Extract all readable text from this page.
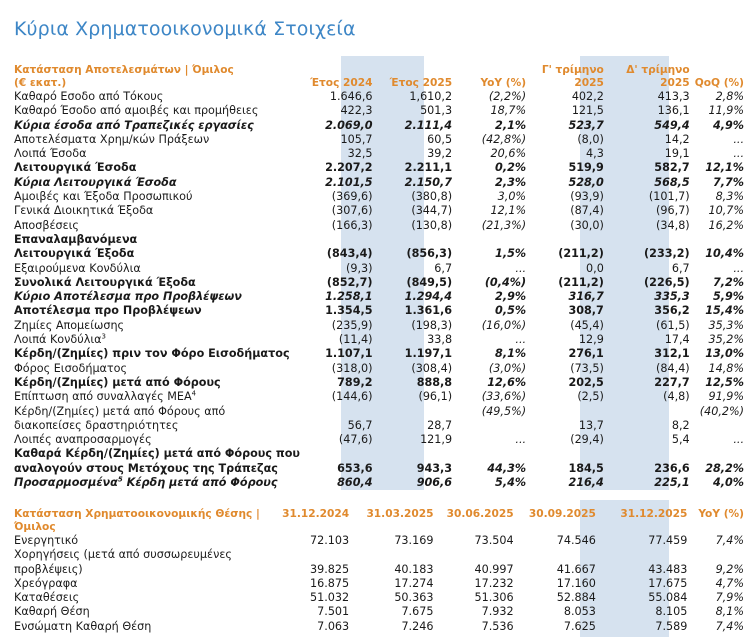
Κύρια Χρηματοοικονομικά Στοιχεία
Κατάσταση Αποτελεσμάτων | Όμιλος				Γ' τρίμηνο	Δ' τρίμηνο	

(€ εκατ.)	Έτος 2024	Έτος 2025	YoY (%)	2025	2025	QoQ (%)
Καθαρό Εσοδο από Τόκους	1.646,6	1,610,2	(2,2%)	402,2	413,3	2,8%
Καθαρό Έσοδο από αμοιβές και προμήθειες	422,3	501,3	18,7%	121,5	136,1	11,9%
Κύρια έσοδα από Τραπεζικές εργασίες	2.069,0	2.111,4	2,1%	523,7	549,4	4,9%
Αποτελέσματα Χρημ/κών Πράξεων	105,7	60,5	(42,8%)	(8,0)	14,2	...
Λοιπά Έσοδα	32,5	39,2	20,6%	4,3	19,1	...
Λειτουργικά Έσοδα	2.207,2	2.211,1	0,2%	519,9	582,7	12,1%
Κύρια Λειτουργικά Έσοδα	2.101,5	2.150,7	2,3%	528,0	568,5	7,7%
Αμοιβές και Έξοδα Προσωπικού	(369,6)	(380,8)	3,0%	(93,9)	(101,7)	8,3%
Γενικά Διοικητικά Έξοδα	(307,6)	(344,7)	12,1%	(87,4)	(96,7)	10,7%
Αποσβέσεις	(166,3)	(130,8)	(21,3%)	(30,0)	(34,8)	16,2%
Επαναλαμβανόμενα						
Λειτουργικά Έξοδα	(843,4)	(856,3)	1,5%	(211,2)	(233,2)	10,4%
Εξαιρούμενα Κονδύλια	(9,3)	6,7	...	0,0	6,7	...
Συνολικά Λειτουργικά Έξοδα	(852,7)	(849,5)	(0,4%)	(211,2)	(226,5)	7,2%
Κύριο Αποτέλεσμα προ Προβλέψεων	1.258,1	1.294,4	2,9%	316,7	335,3	5,9%
Αποτέλεσμα προ Προβλέψεων	1.354,5	1.361,6	0,5%	308,7	356,2	15,4%
Ζημίες Απομείωσης	(235,9)	(198,3)	(16,0%)	(45,4)	(61,5)	35,3%
Λοιπά Κονδύλια$^3$	(11,4)	33,8	...	12,9	17,4	35,2%
Κέρδη/(Ζημίες) πριν τον Φόρο Εισοδήματος	1.107,1	1.197,1	8,1%	276,1	312,1	13,0%
Φόρος Εισοδήματος	(318,0)	(308,4)	(3,0%)	(73,5)	(84,4)	14,8%
Κέρδη/(Ζημίες) μετά από Φόρους	789,2	888,8	12,6%	202,5	227,7	12,5%
Επίπτωση από συναλλαγές ΜΕΑ$^4$	(144,6)	(96,1)	(33,6%)	(2,5)	(4,8)	91,9%
Κέρδη/(Ζημίες) μετά από Φόρους από			(49,5%)			(40,2%)
διακοπείσες δραστηριότητες	56,7	28,7		13,7	8,2	
Λοιπές αναπροσαρμογές	(47,6)	121,9	...	(29,4)	5,4	...
Καθαρά Κέρδη/(Ζημίες) μετά από Φόρους που						
αναλογούν στους Μετόχους της Τράπεζας	653,6	943,3	44,3%	184,5	236,6	28,2%
Προσαρμοσμένα$^5$ Κέρδη μετά από Φόρους	860,4	906,6	5,4%	216,4	225,1	4,0%
Κατάσταση Χρηματοοικονομικής Θέσης |	31.12.2024	31.03.2025	30.06.2025	30.09.2025	31.12.2025	YoY (%)
Όμιλος						
Ενεργητικό	72.103	73.169	73.504	74.546	77.459	7,4%
Χορηγήσεις (μετά από συσσωρευμένες						
προβλέψεις)	39.825	40.183	40.997	41.667	43.483	9,2%
Χρεόγραφα	16.875	17.274	17.232	17.160	17.675	4,7%
Καταθέσεις	51.032	50.363	51.306	52.884	55.084	7,9%
Καθαρή Θέση	7.501	7.675	7.932	8.053	8.105	8,1%
Ενσώματη Καθαρή Θέση	7.063	7.246	7.536	7.625	7.589	7,4%
